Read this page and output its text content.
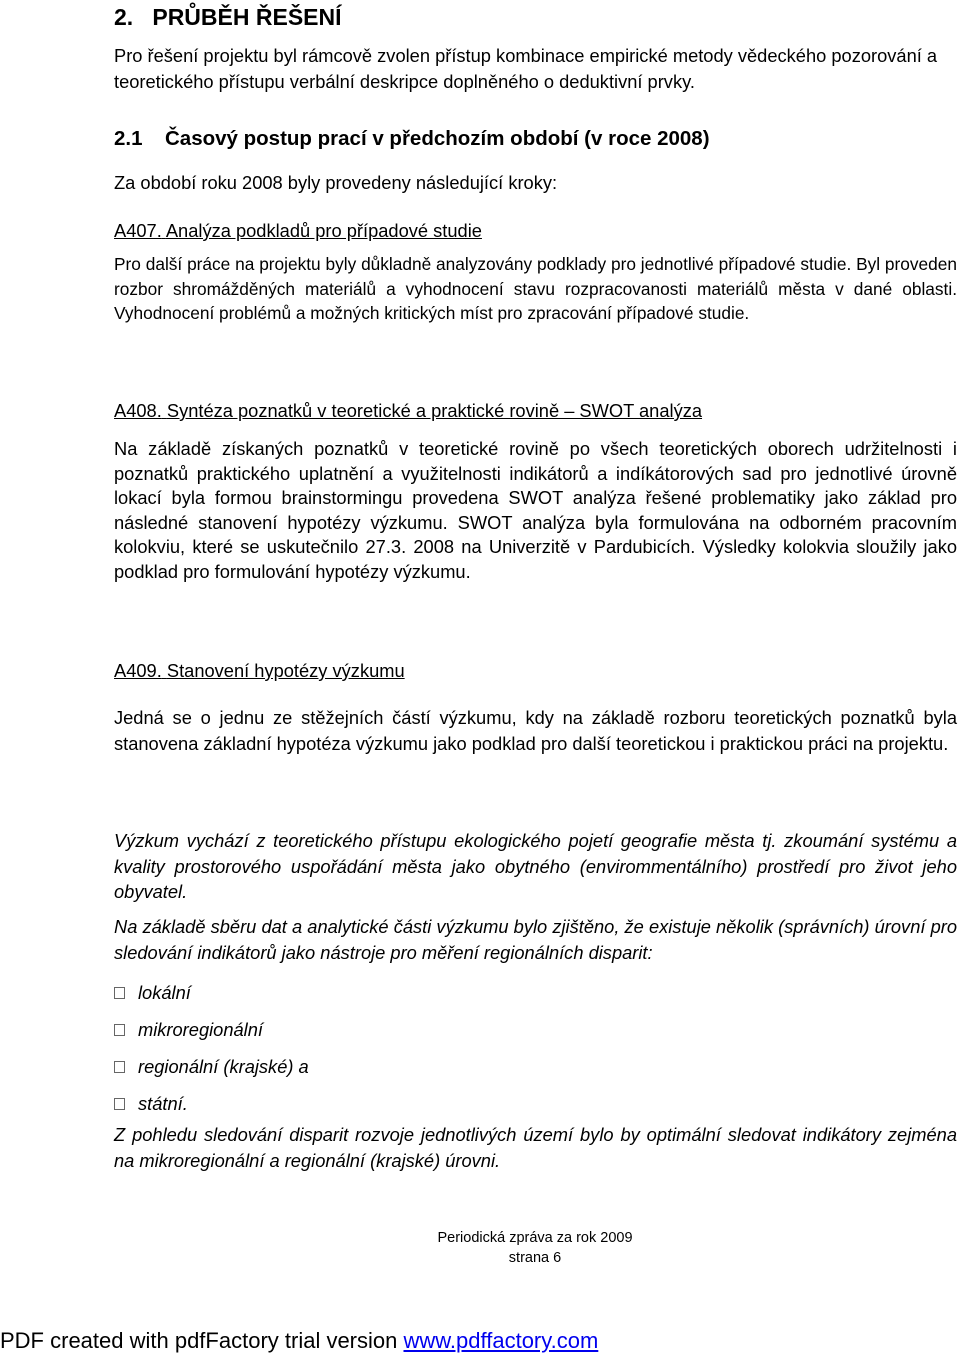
2. PRŮBĚH ŘEŠENÍ

Pro řešení projektu byl rámcově zvolen přístup kombinace empirické metody vědeckého pozorování a teoretického přístupu verbální deskripce doplněného o deduktivní prvky.

2.1 Časový postup prací v předchozím období (v roce 2008)

Za období roku 2008 byly provedeny následující kroky:

A407. Analýza podkladů pro případové studie

Pro další práce na projektu byly důkladně analyzovány podklady pro jednotlivé případové studie. Byl proveden rozbor shromážděných materiálů a vyhodnocení stavu rozpracovanosti materiálů města v dané oblasti. Vyhodnocení problémů a možných kritických míst pro zpracování případové studie.

A408. Syntéza poznatků v teoretické a praktické rovině – SWOT analýza

Na základě získaných poznatků v teoretické rovině po všech teoretických oborech udržitelnosti i poznatků praktického uplatnění a využitelnosti indikátorů a indíkátorových sad pro jednotlivé úrovně lokací byla formou brainstormingu provedena SWOT analýza řešené problematiky jako základ pro následné stanovení hypotézy výzkumu. SWOT analýza byla formulována na odborném pracovním kolokviu, které se uskutečnilo 27.3. 2008 na Univerzitě v Pardubicích. Výsledky kolokvia sloužily jako podklad pro formulování hypotézy výzkumu.

A409. Stanovení hypotézy výzkumu

Jedná se o jednu ze stěžejních částí výzkumu, kdy na základě rozboru teoretických poznatků byla stanovena základní hypotéza výzkumu jako podklad pro další teoretickou i praktickou práci na projektu.

Výzkum vychází z teoretického přístupu ekologického pojetí geografie města tj. zkoumání systému a kvality prostorového uspořádání města jako obytného (envirommentálního) prostředí pro život jeho obyvatel.

Na základě sběru dat a analytické části výzkumu bylo zjištěno, že existuje několik (správních) úrovní pro sledování indikátorů jako nástroje pro měření regionálních disparit:

lokální
mikroregionální
regionální (krajské) a
státní.

Z pohledu sledování disparit rozvoje jednotlivých území bylo by optimální sledovat indikátory zejména na mikroregionální a regionální (krajské) úrovni.

Periodická zpráva za rok 2009
strana 6
PDF created with pdfFactory trial version www.pdffactory.com
